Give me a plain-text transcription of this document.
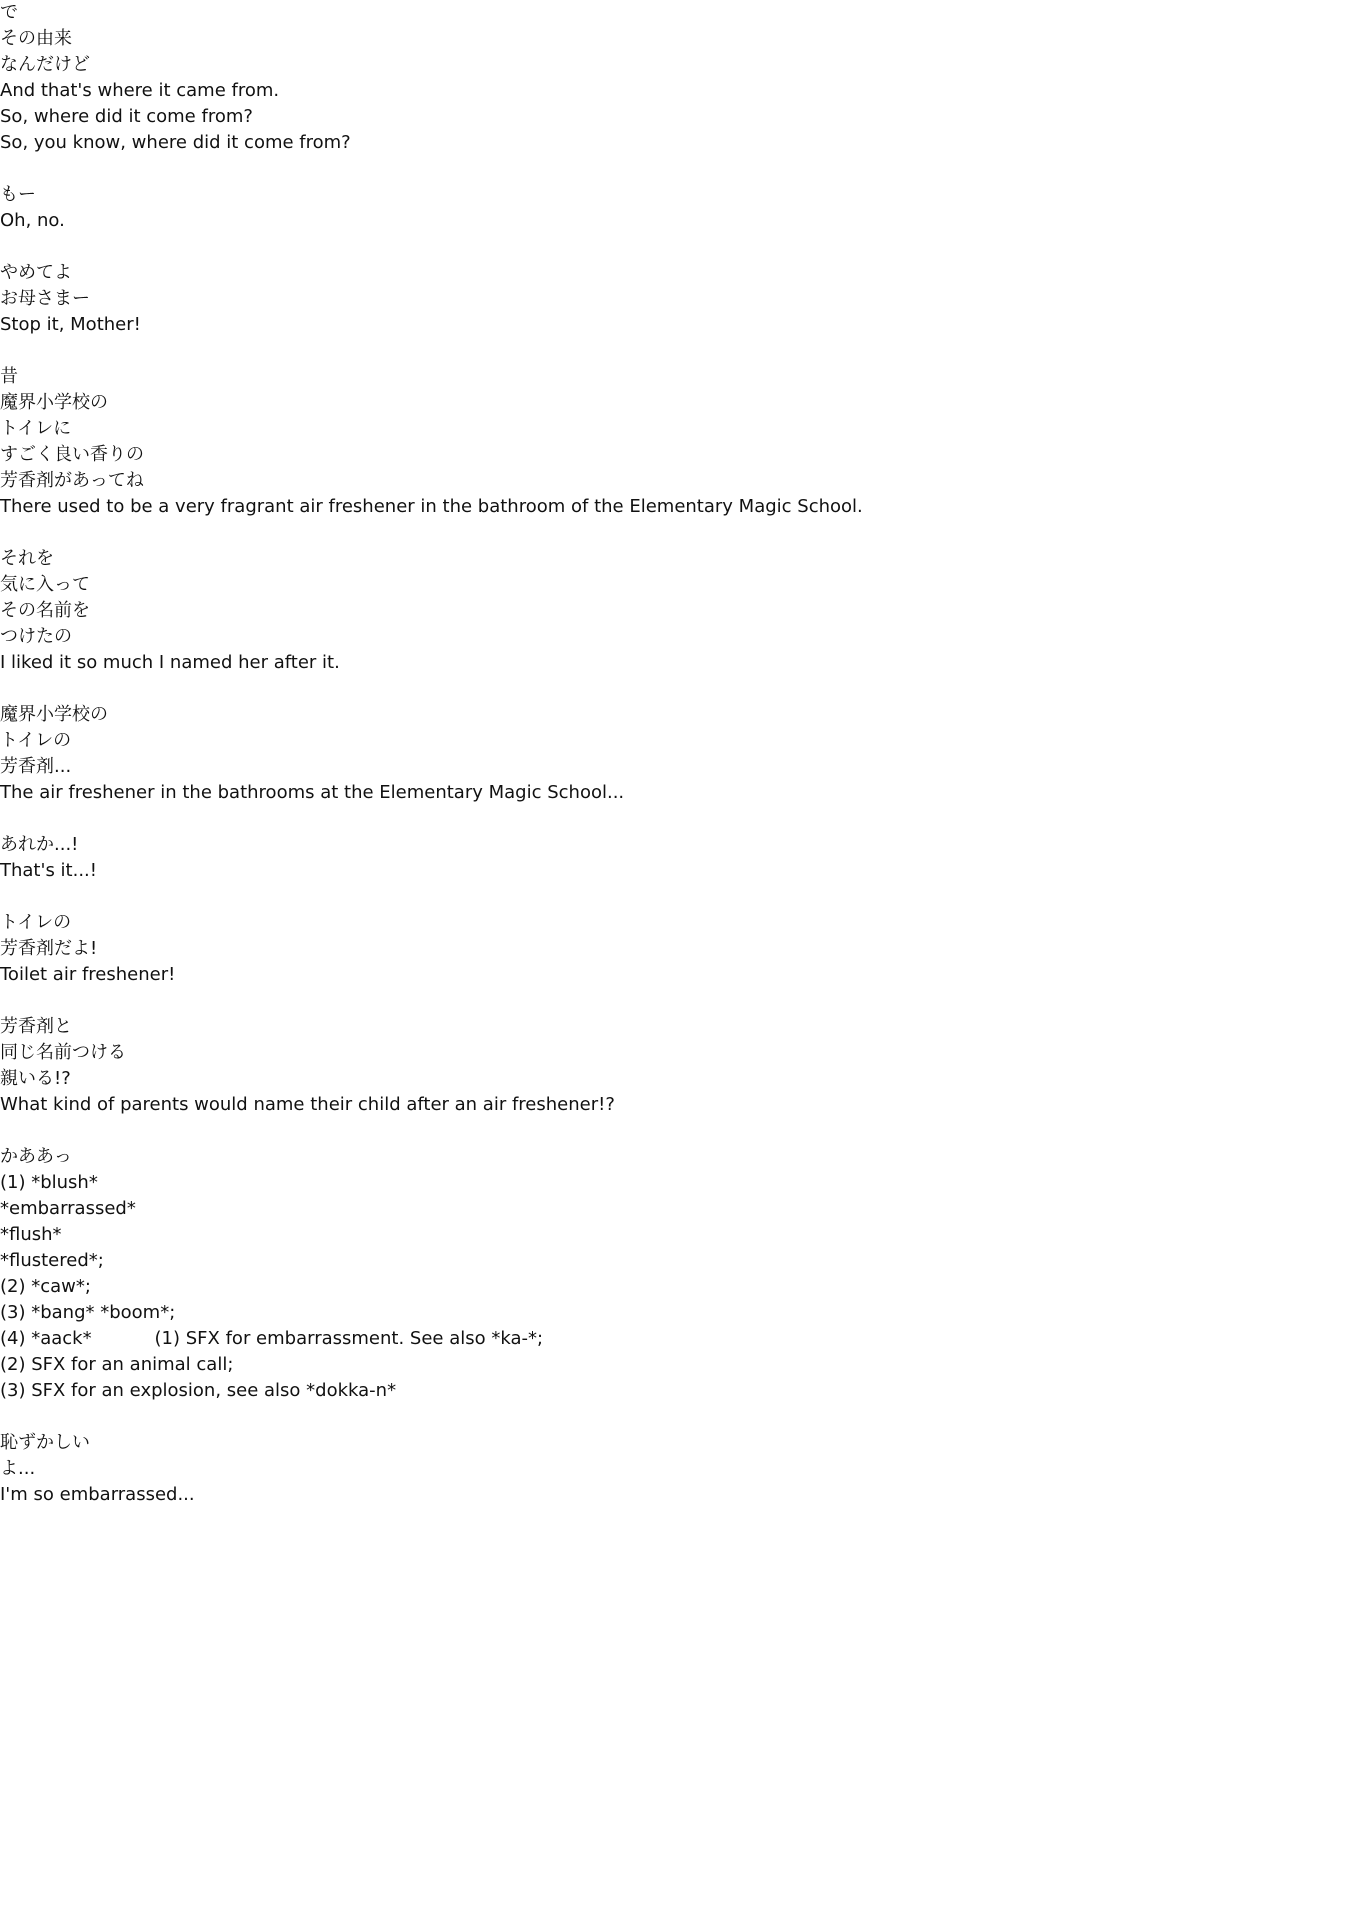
で
その由来
なんだけど
And that's where it came from.
So, where did it come from?
So, you know, where did it come from?
もー
Oh, no.
やめてよ
お母さまー
Stop it, Mother!
昔
魔界小学校の
トイレに
すごく良い香りの
芳香剤があってね
There used to be a very fragrant air freshener in the bathroom of the Elementary Magic School.
それを
気に入って
その名前を
つけたの
I liked it so much I named her after it.
魔界小学校の
トイレの
芳香剤...
The air freshener in the bathrooms at the Elementary Magic School...
あれか...!
That's it...!
トイレの
芳香剤だよ!
Toilet air freshener!
芳香剤と
同じ名前つける
親いる!?
What kind of parents would name their child after an air freshener!?
かああっ
(1) *blush*
*embarrassed*
*flush*
*flustered*;
(2) *caw*;
(3) *bang* *boom*;
(4) *aack*           (1) SFX for embarrassment. See also *ka-*;
(2) SFX for an animal call;
(3) SFX for an explosion, see also *dokka-n*
恥ずかしい
よ...
I'm so embarrassed...
